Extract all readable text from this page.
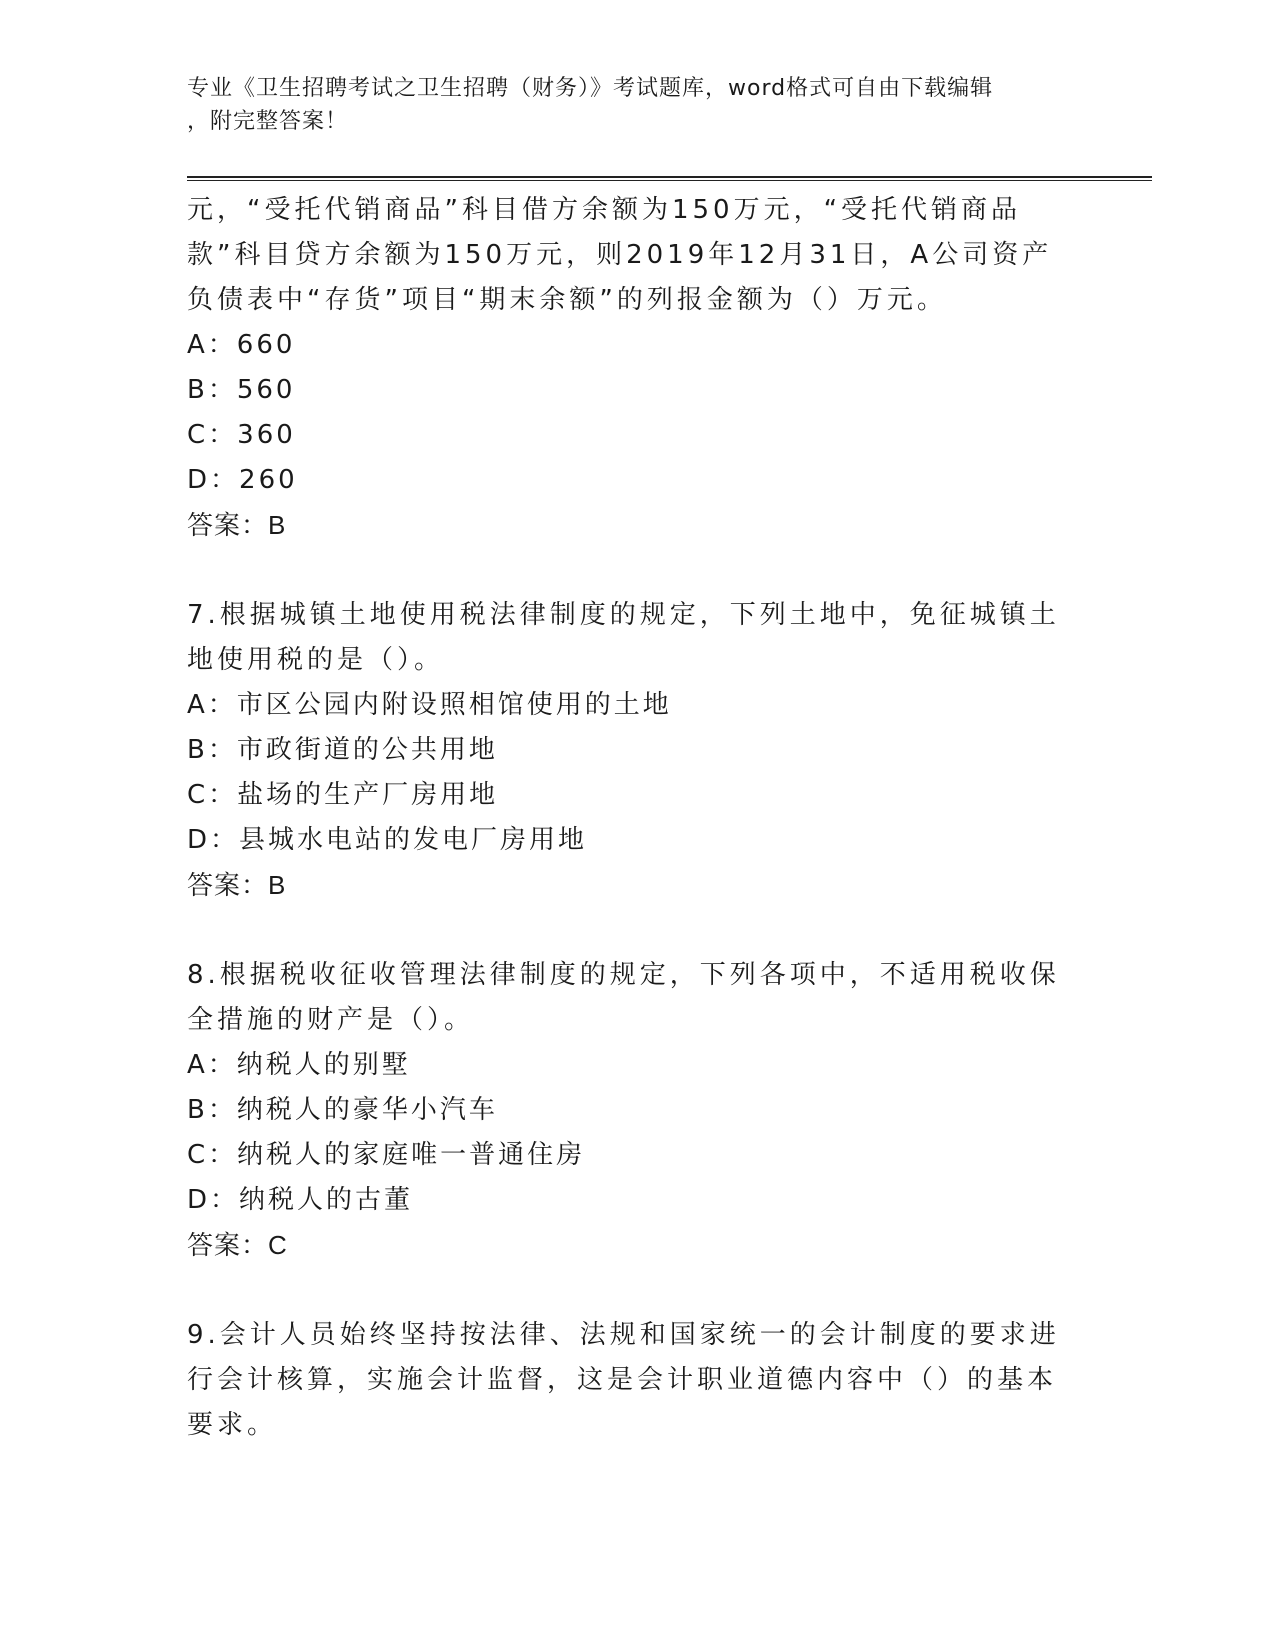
专业《卫生招聘考试之卫生招聘（财务）》考试题库，word格式可自由下载编辑
，附完整答案！
元，“受托代销商品”科目借方余额为150万元，“受托代销商品款”科目贷方余额为150万元，则2019年12月31日，A公司资产负债表中“存货”项目“期末余额”的列报金额为（）万元。
A：660
B：560
C：360
D：260
答案：B
7.根据城镇土地使用税法律制度的规定，下列土地中，免征城镇土地使用税的是（）。
A：市区公园内附设照相馆使用的土地
B：市政街道的公共用地
C：盐场的生产厂房用地
D：县城水电站的发电厂房用地
答案：B
8.根据税收征收管理法律制度的规定，下列各项中，不适用税收保全措施的财产是（）。
A：纳税人的别墅
B：纳税人的豪华小汽车
C：纳税人的家庭唯一普通住房
D：纳税人的古董
答案：C
9.会计人员始终坚持按法律、法规和国家统一的会计制度的要求进行会计核算，实施会计监督，这是会计职业道德内容中（）的基本要求。
